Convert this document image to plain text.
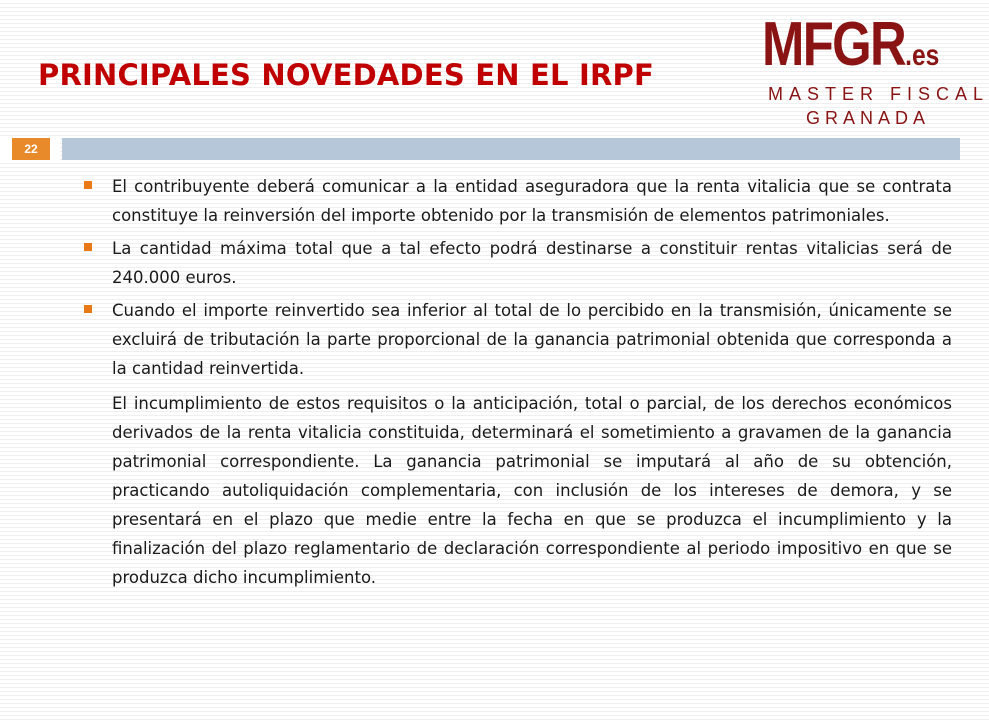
PRINCIPALES NOVEDADES EN EL IRPF MFGR.es
MASTER FISCAL
GRANADA
22
El contribuyente deberá comunicar a la entidad aseguradora que la renta vitalicia que se contrata constituye la reinversión del importe obtenido por la transmisión de elementos patrimoniales.
La cantidad máxima total que a tal efecto podrá destinarse a constituir rentas vitalicias será de 240.000 euros.
Cuando el importe reinvertido sea inferior al total de lo percibido en la transmisión, únicamente se excluirá de tributación la parte proporcional de la ganancia patrimonial obtenida que corresponda a la cantidad reinvertida.
El incumplimiento de estos requisitos o la anticipación, total o parcial, de los derechos económicos derivados de la renta vitalicia constituida, determinará el sometimiento a gravamen de la ganancia patrimonial correspondiente. La ganancia patrimonial se imputará al año de su obtención, practicando autoliquidación complementaria, con inclusión de los intereses de demora, y se presentará en el plazo que medie entre la fecha en que se produzca el incumplimiento y la finalización del plazo reglamentario de declaración correspondiente al periodo impositivo en que se produzca dicho incumplimiento.
